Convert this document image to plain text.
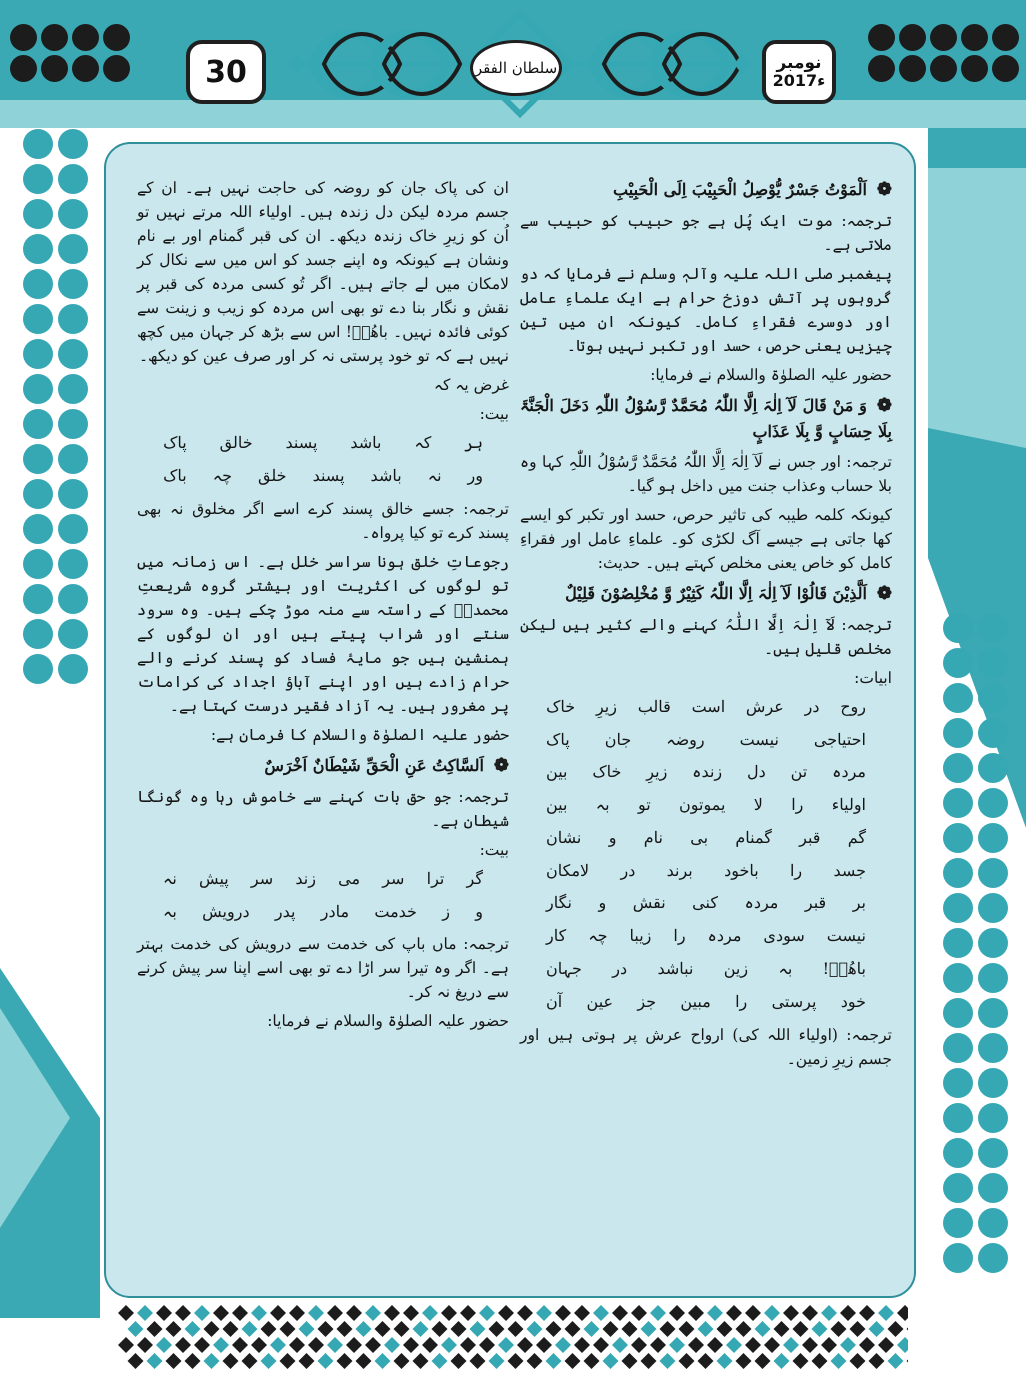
سلطان الفقر
30	نومبر
2017ء
❁اَلْمَوْتُ جَسْرٌ یُّوْصِلُ الْحَبِیْبَ اِلَی الْحَبِیْبِ
ترجمہ: موت ایک پُل ہے جو حبیب کو حبیب سے ملاتی ہے۔
پیغمبر صلی اللہ علیہ وآلہٖ وسلم نے فرمایا کہ دو گروہوں پر آتش دوزخ حرام ہے ایک علماءِ عامل اور دوسرے فقراءِ کامل۔ کیونکہ ان میں تین چیزیں یعنی حرص، حسد اور تکبر نہیں ہوتا۔
حضور علیہ الصلوٰۃ والسلام نے فرمایا:
❁وَ مَنْ قَالَ لَآ اِلٰہَ اِلَّا اللّٰہُ مُحَمَّدٌ رَّسُوْلُ اللّٰہِ دَخَلَ الْجَنَّۃَ بِلَا حِسَابٍ وَّ بِلَا عَذَابٍ
ترجمہ: اور جس نے لَآ اِلٰہَ اِلَّا اللّٰہُ مُحَمَّدٌ رَّسُوْلُ اللّٰہِ کہا وہ بلا حساب وعذاب جنت میں داخل ہو گیا۔
کیونکہ کلمہ طیبہ کی تاثیر حرص، حسد اور تکبر کو ایسے کھا جاتی ہے جیسے آگ لکڑی کو۔ علماءِ عامل اور فقراءِ کامل کو خاص یعنی مخلص کہتے ہیں۔ حدیث:
❁اَلَّذِیْنَ قَالُوْا لَآ اِلٰہَ اِلَّا اللّٰہُ کَثِیْرٌ وَّ مُخْلِصُوْنَ قَلِیْلٌ
ترجمہ: لَآ اِلٰہَ اِلَّا اللّٰہُ کہنے والے کثیر ہیں لیکن مخلص قلیل ہیں۔
ابیات:
روح
در
عرش
است
قالب
زیرِ
خاک
احتیاجی
نیست
روضہ
جان
پاک
مردہ
تن
دل
زندہ
زیرِ
خاک
بین
اولیاء
را
لا
یموتون
تو
بہ
بین
گم
قبر
گمنام
بی
نام
و
نشان
جسد
را
باخود
برند
در
لامکان
بر
قبر
مردہ
کنی
نقش
و
نگار
نیست
سودی
مردہ
را
زیبا
چہ
کار
باھُوؒ!
بہ
زین
نباشد
در
جہان
خود
پرستی
را
مبین
جز
عین
آن
ترجمہ: (اولیاء اللہ کی) ارواح عرش پر ہوتی ہیں اور جسم زیرِ زمین۔
ان کی پاک جان کو روضہ کی حاجت نہیں ہے۔ ان کے جسم مردہ لیکن دل زندہ ہیں۔ اولیاء اللہ مرتے نہیں تو اُن کو زیرِ خاک زندہ دیکھ۔ ان کی قبر گمنام اور بے نام ونشان ہے کیونکہ وہ اپنے جسد کو اس میں سے نکال کر لامکان میں لے جاتے ہیں۔ اگر تُو کسی مردہ کی قبر پر نقش و نگار بنا دے تو بھی اس مردہ کو زیب و زینت سے کوئی فائدہ نہیں۔ باھُوؒ! اس سے بڑھ کر جہان میں کچھ نہیں ہے کہ تو خود پرستی نہ کر اور صرف عین کو دیکھ۔
غرض یہ کہ
بیت:
ہر
کہ
باشد
پسند
خالق
پاک
ور
نہ
باشد
پسند
خلق
چہ
باک
ترجمہ: جسے خالق پسند کرے اسے اگر مخلوق نہ بھی پسند کرے تو کیا پرواہ۔
رجوعاتِ خلق ہونا سراسر خلل ہے۔ اس زمانہ میں تو لوگوں کی اکثریت اور بیشتر گروہ شریعتِ محمدیؐ کے راستہ سے منہ موڑ چکے ہیں۔ وہ سرود سنتے اور شراب پیتے ہیں اور ان لوگوں کے ہمنشین ہیں جو مایۂ فساد کو پسند کرنے والے حرام زادے ہیں اور اپنے آباؤ اجداد کی کرامات پر مغرور ہیں۔ یہ آزاد فقیر درست کہتا ہے۔
حضور علیہ الصلوٰۃ والسلام کا فرمان ہے:
❁اَلسَّاکِتُ عَنِ الْحَقِّ شَیْطَانٌ اَخْرَسٌ
ترجمہ: جو حق بات کہنے سے خاموش رہا وہ گونگا شیطان ہے۔
بیت:
گر
ترا
سر
می
زند
سر
پیش
نہ
و
ز
خدمت
مادر
پدر
درویش
بہ
ترجمہ: ماں باپ کی خدمت سے درویش کی خدمت بہتر ہے۔ اگر وہ تیرا سر اڑا دے تو بھی اسے اپنا سر پیش کرنے سے دریغ نہ کر۔
حضور علیہ الصلوٰۃ والسلام نے فرمایا:
